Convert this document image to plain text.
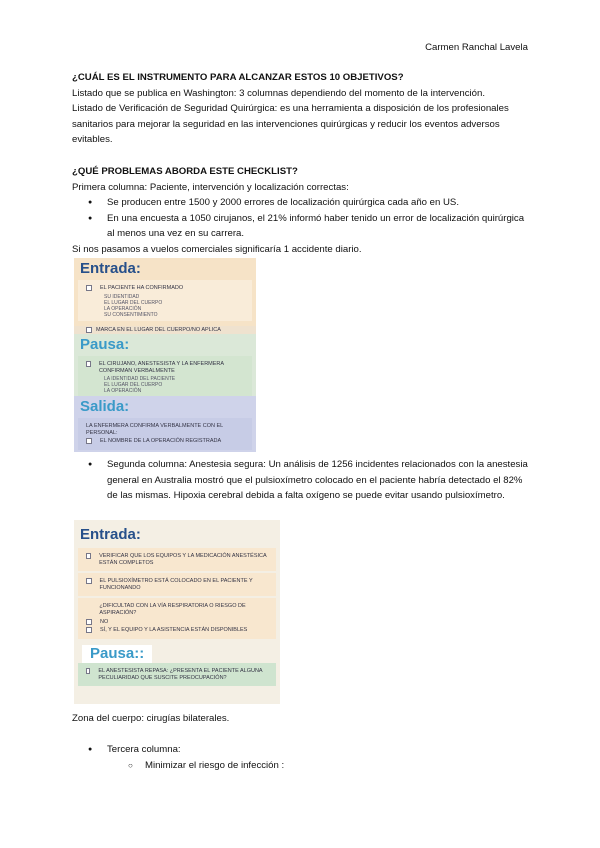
Carmen Ranchal Lavela

¿CUÁL ES EL INSTRUMENTO PARA ALCANZAR ESTOS 10 OBJETIVOS?

Listado que se publica en Washington: 3 columnas dependiendo del momento de la intervención.

Listado de Verificación de Seguridad Quirúrgica: es una herramienta a disposición de los profesionales sanitarios para mejorar la seguridad en las intervenciones quirúrgicas y reducir los eventos adversos evitables.

¿QUÉ PROBLEMAS ABORDA ESTE CHECKLIST?

Primera columna: Paciente, intervención y localización correctas:

● Se producen entre 1500 y 2000 errores de localización quirúrgica cada año en US.
● En una encuesta a 1050 cirujanos, el 21% informó haber tenido un error de localización quirúrgica al menos una vez en su carrera.

Si nos pasamos a vuelos comerciales significaría 1 accidente diario.

Entrada:
EL PACIENTE HA CONFIRMADO
SU IDENTIDAD
EL LUGAR DEL CUERPO
LA OPERACIÓN
SU CONSENTIMIENTO
MARCA EN EL LUGAR DEL CUERPO/NO APLICA
Pausa:
EL CIRUJANO, ANESTESISTA Y LA ENFERMERA CONFIRMAN VERBALMENTE
LA IDENTIDAD DEL PACIENTE
EL LUGAR DEL CUERPO
LA OPERACIÓN
Salida:
LA ENFERMERA CONFIRMA VERBALMENTE CON EL PERSONAL:
EL NOMBRE DE LA OPERACIÓN REGISTRADA
● Segunda columna: Anestesia segura: Un análisis de 1256 incidentes relacionados con la anestesia general en Australia mostró que el pulsioxímetro colocado en el paciente habría detectado el 82% de las mismas. Hipoxia cerebral debida a falta oxígeno se puede evitar usando pulsioxímetro.
Entrada:
VERIFICAR QUE LOS EQUIPOS Y LA MEDICACIÓN ANESTÉSICA ESTÁN COMPLETOS
EL PULSIOXÍMETRO ESTÁ COLOCADO EN EL PACIENTE Y FUNCIONANDO
¿DIFICULTAD CON LA VÍA RESPIRATORIA O RIESGO DE ASPIRACIÓN?
NO
SÍ, Y EL EQUIPO Y LA ASISTENCIA ESTÁN DISPONIBLES
Pausa::
EL ANESTESISTA REPASA: ¿PRESENTA EL PACIENTE ALGUNA PECULIARIDAD QUE SUSCITE PREOCUPACIÓN?

Zona del cuerpo: cirugías bilaterales.

● Tercera columna:
○ Minimizar el riesgo de infección :
